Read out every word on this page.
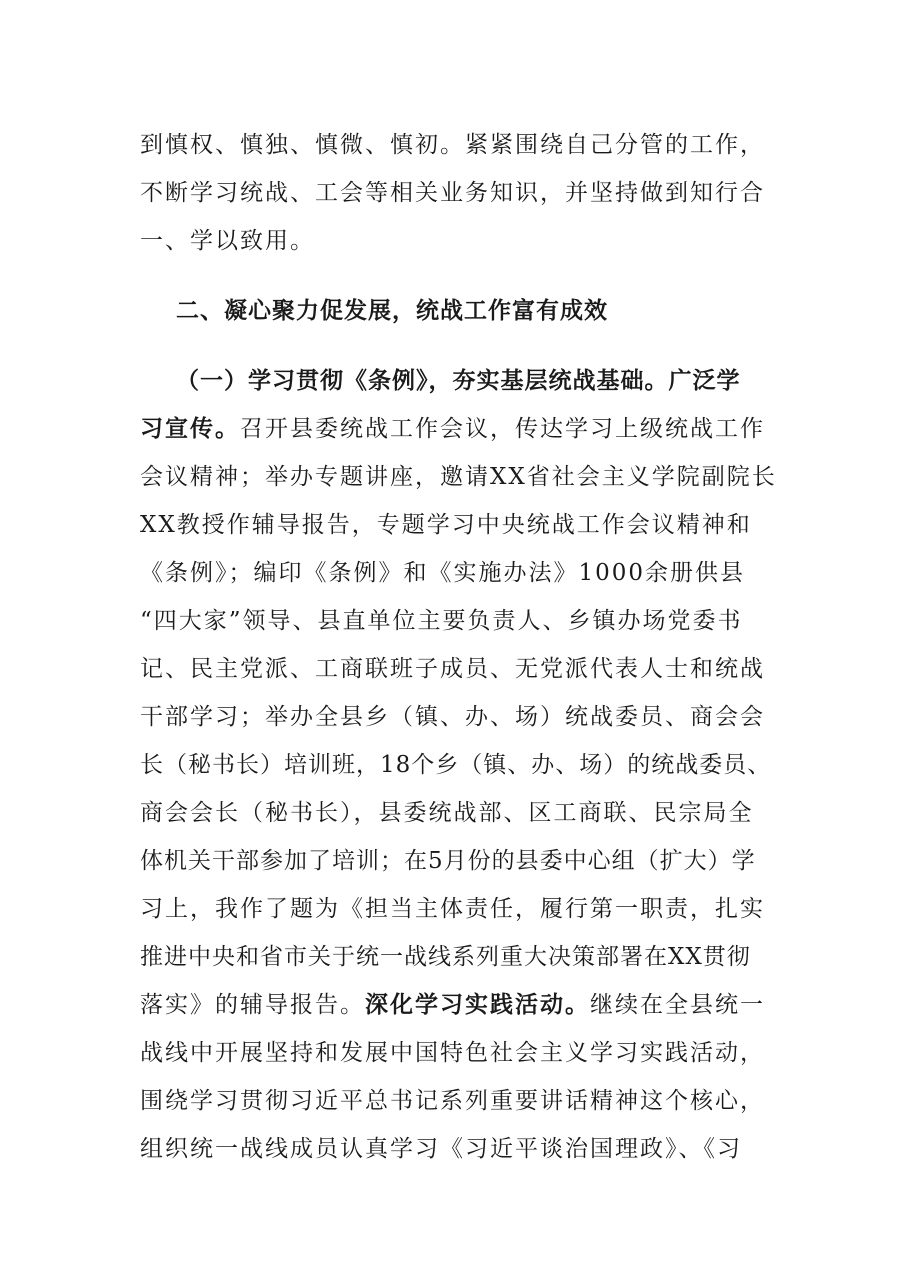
到慎权、慎独、慎微、慎初。紧紧围绕自己分管的工作，
不断学习统战、工会等相关业务知识，并坚持做到知行合
一、学以致用。
二、凝心聚力促发展，统战工作富有成效
（一）学习贯彻《条例》，夯实基层统战基础。广泛学
习宣传。召开县委统战工作会议，传达学习上级统战工作
会议精神；举办专题讲座，邀请XX省社会主义学院副院长
XX教授作辅导报告，专题学习中央统战工作会议精神和
《条例》；编印《条例》和《实施办法》1000余册供县
“四大家”领导、县直单位主要负责人、乡镇办场党委书
记、民主党派、工商联班子成员、无党派代表人士和统战
干部学习；举办全县乡（镇、办、场）统战委员、商会会
长（秘书长）培训班，18个乡（镇、办、场）的统战委员、
商会会长（秘书长），县委统战部、区工商联、民宗局全
体机关干部参加了培训；在5月份的县委中心组（扩大）学
习上，我作了题为《担当主体责任，履行第一职责，扎实
推进中央和省市关于统一战线系列重大决策部署在XX贯彻
落实》的辅导报告。深化学习实践活动。继续在全县统一
战线中开展坚持和发展中国特色社会主义学习实践活动，
围绕学习贯彻习近平总书记系列重要讲话精神这个核心，
组织统一战线成员认真学习《习近平谈治国理政》、《习
